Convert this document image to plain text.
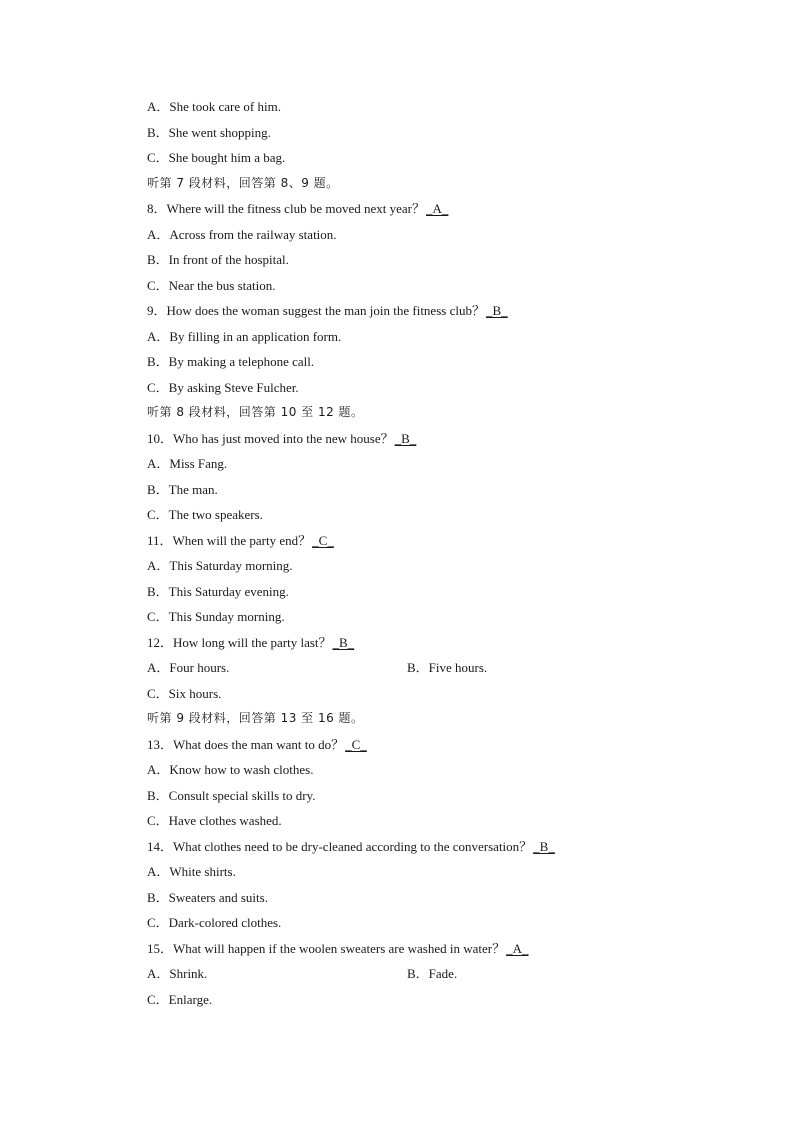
A．She took care of him.
B．She went shopping.
C．She bought him a bag.
听第 7 段材料，回答第 8、9 题。
8．Where will the fitness club be moved next year？_A_
A．Across from the railway station.
B．In front of the hospital.
C．Near the bus station.
9．How does the woman suggest the man join the fitness club？_B_
A．By filling in an application form.
B．By making a telephone call.
C．By asking Steve Fulcher.
听第 8 段材料，回答第 10 至 12 题。
10．Who has just moved into the new house？_B_
A．Miss Fang.
B．The man.
C．The two speakers.
11．When will the party end？_C_
A．This Saturday morning.
B．This Saturday evening.
C．This Sunday morning.
12．How long will the party last？_B_
A．Four hours.	B．Five hours.
C．Six hours.
听第 9 段材料，回答第 13 至 16 题。
13．What does the man want to do？_C_
A．Know how to wash clothes.
B．Consult special skills to dry.
C．Have clothes washed.
14．What clothes need to be dry-cleaned according to the conversation？_B_
A．White shirts.
B．Sweaters and suits.
C．Dark-colored clothes.
15．What will happen if the woolen sweaters are washed in water？_A_
A．Shrink.	B．Fade.
C．Enlarge.
